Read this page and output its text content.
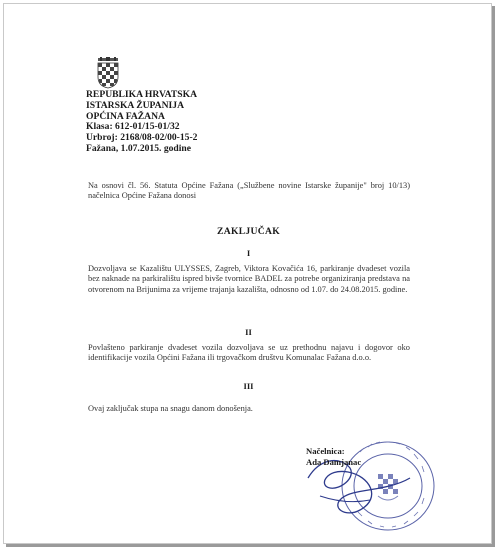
REPUBLIKA HRVATSKA
ISTARSKA ŽUPANIJA
OPĆINA FAŽANA
Klasa: 612-01/15-01/32
Urbroj: 2168/08-02/00-15-2
Fažana, 1.07.2015. godine
Na osnovi čl. 56. Statuta Općine Fažana („Službene novine Istarske županije" broj 10/13) načelnica Općine Fažana donosi
ZAKLJUČAK
I
Dozvoljava se Kazalištu ULYSSES, Zagreb, Viktora Kovačića 16, parkiranje dvadeset vozila bez naknade na parkiralištu ispred bivše tvornice BADEL za potrebe organiziranja predstava na otvorenom na Brijunima za vrijeme trajanja kazališta, odnosno od 1.07. do 24.08.2015. godine.
II
Povlašteno parkiranje dvadeset vozila dozvoljava se uz prethodnu najavu i dogovor oko identifikacije vozila Općini Fažana ili trgovačkom društvu Komunalac Fažana d.o.o.
III
Ovaj zaključak stupa na snagu danom donošenja.
Načelnica:
Ada Damjanac
